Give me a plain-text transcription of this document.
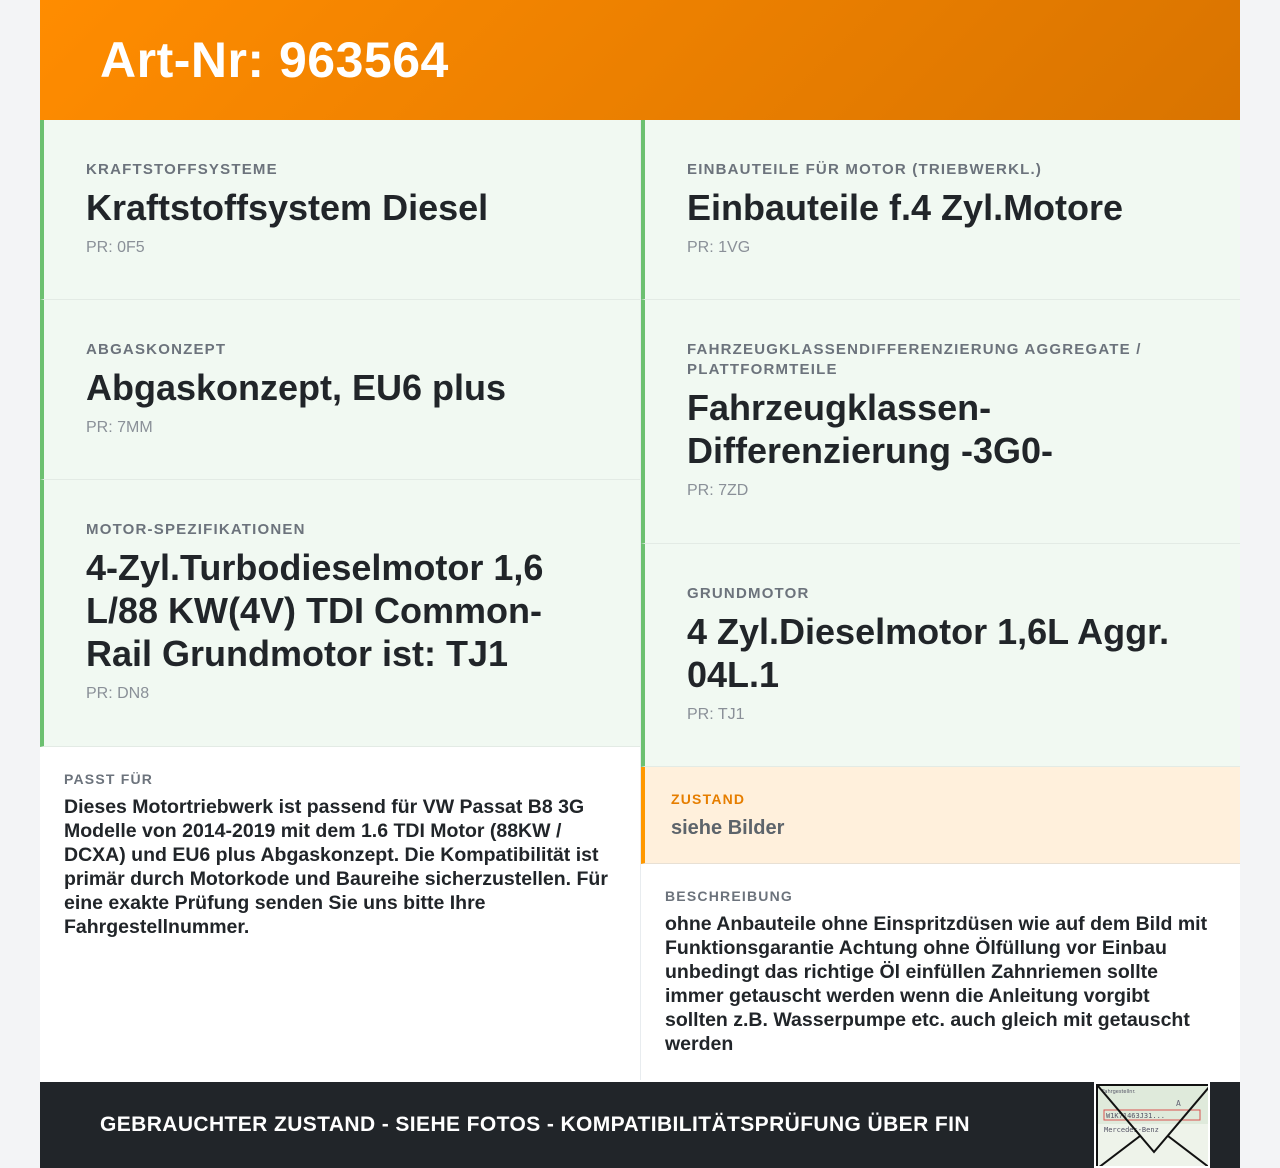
Art-Nr: 963564
KRAFTSTOFFSYSTEME
Kraftstoffsystem Diesel
PR: 0F5
ABGASKONZEPT
Abgaskonzept, EU6 plus
PR: 7MM
MOTOR-SPEZIFIKATIONEN
4-Zyl.Turbodieselmotor 1,6 L/88 KW(4V) TDI Common-Rail Grundmotor ist: TJ1
PR: DN8
PASST FÜR
Dieses Motortriebwerk ist passend für VW Passat B8 3G Modelle von 2014-2019 mit dem 1.6 TDI Motor (88KW / DCXA) und EU6 plus Abgaskonzept. Die Kompatibilität ist primär durch Motorkode und Baureihe sicherzustellen. Für eine exakte Prüfung senden Sie uns bitte Ihre Fahrgestellnummer.
EINBAUTEILE FÜR MOTOR (TRIEBWERKL.)
Einbauteile f.4 Zyl.Motore
PR: 1VG
FAHRZEUGKLASSENDIFFERENZIERUNG AGGREGATE / PLATTFORMTEILE
Fahrzeugklassen-Differenzierung -3G0-
PR: 7ZD
GRUNDMOTOR
4 Zyl.Dieselmotor 1,6L Aggr. 04L.1
PR: TJ1
ZUSTAND
siehe Bilder
BESCHREIBUNG
ohne Anbauteile ohne Einspritzdüsen wie auf dem Bild mit Funktionsgarantie Achtung ohne Ölfüllung vor Einbau unbedingt das richtige Öl einfüllen Zahnriemen sollte immer getauscht werden wenn die Anleitung vorgibt sollten z.B. Wasserpumpe etc. auch gleich mit getauscht werden
GEBRAUCHTER ZUSTAND - SIEHE FOTOS - KOMPATIBILITÄTSPRÜFUNG ÜBER FIN
Fahrgestellnr.
A
W1K71463J31...
Mercedes-Benz
